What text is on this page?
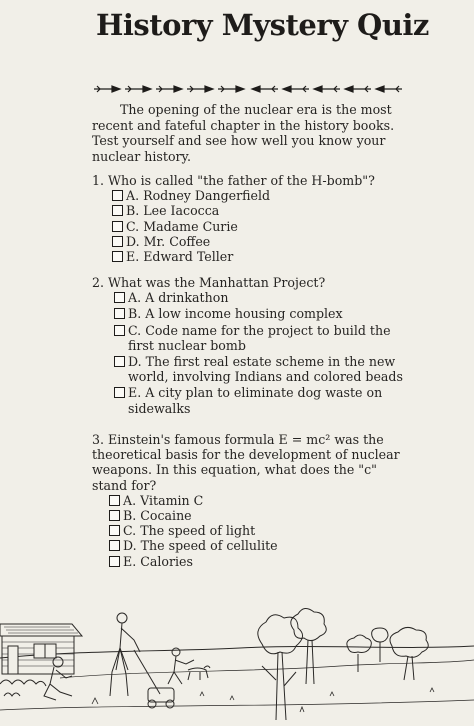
History Mystery Quiz

The opening of the nuclear era is the most recent and fateful chapter in the history books. Test yourself and see how well you know your nuclear history.

1. Who is called "the father of the H-bomb"?
A. Rodney Dangerfield
B. Lee Iacocca
C. Madame Curie
D. Mr. Coffee
E. Edward Teller
2. What was the Manhattan Project?
A. A drinkathon
B. A low income housing complex
C. Code name for the project to build the first nuclear bomb
D. The first real estate scheme in the new world, involving Indians and colored beads
E. A city plan to eliminate dog waste on sidewalks
3. Einstein's famous formula E = mc² was the theoretical basis for the development of nuclear weapons. In this equation, what does the "c" stand for?
A. Vitamin C
B. Cocaine
C. The speed of light
D. The speed of cellulite
E. Calories
